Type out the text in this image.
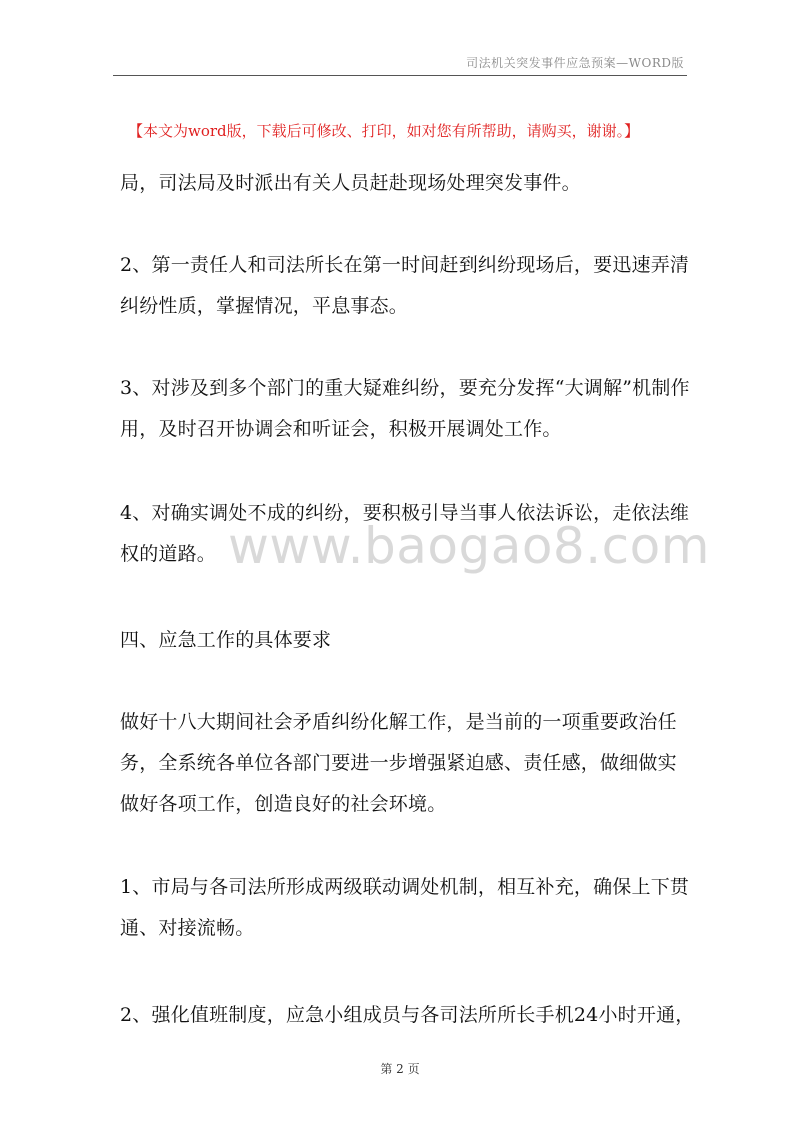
司法机关突发事件应急预案—WORD版
【本文为word版，下载后可修改、打印，如对您有所帮助，请购买，谢谢。】

局，司法局及时派出有关人员赶赴现场处理突发事件。

2、第一责任人和司法所长在第一时间赶到纠纷现场后，要迅速弄清纠纷性质，掌握情况，平息事态。

3、对涉及到多个部门的重大疑难纠纷，要充分发挥“大调解”机制作用，及时召开协调会和听证会，积极开展调处工作。

4、对确实调处不成的纠纷，要积极引导当事人依法诉讼，走依法维权的道路。

四、应急工作的具体要求

做好十八大期间社会矛盾纠纷化解工作，是当前的一项重要政治任务，全系统各单位各部门要进一步增强紧迫感、责任感，做细做实做好各项工作，创造良好的社会环境。

1、市局与各司法所形成两级联动调处机制，相互补充，确保上下贯通、对接流畅。

2、强化值班制度，应急小组成员与各司法所所长手机24小时开通，

www.baogao8.com
第 2 页
